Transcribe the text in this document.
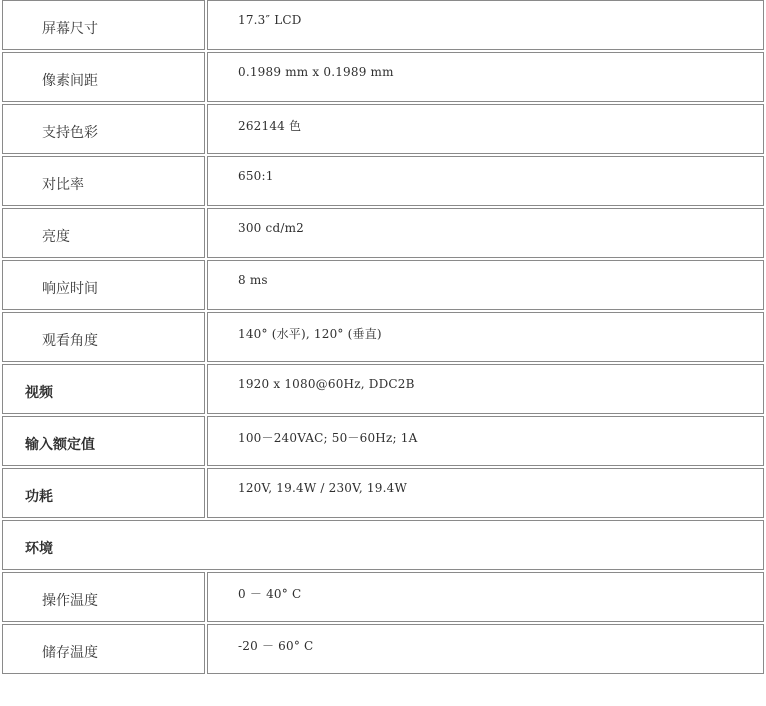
屏幕尺寸	17.3″ LCD
像素间距	0.1989 mm x 0.1989 mm
支持色彩	262144 色
对比率	650:1
亮度	300 cd/m2
响应时间	8 ms
观看角度	140° (水平), 120° (垂直)
视频	1920 x 1080@60Hz, DDC2B
输入额定值	100－240VAC; 50－60Hz; 1A
功耗	120V, 19.4W / 230V, 19.4W
环境	
操作温度	0 － 40° C
储存温度	-20 － 60° C
